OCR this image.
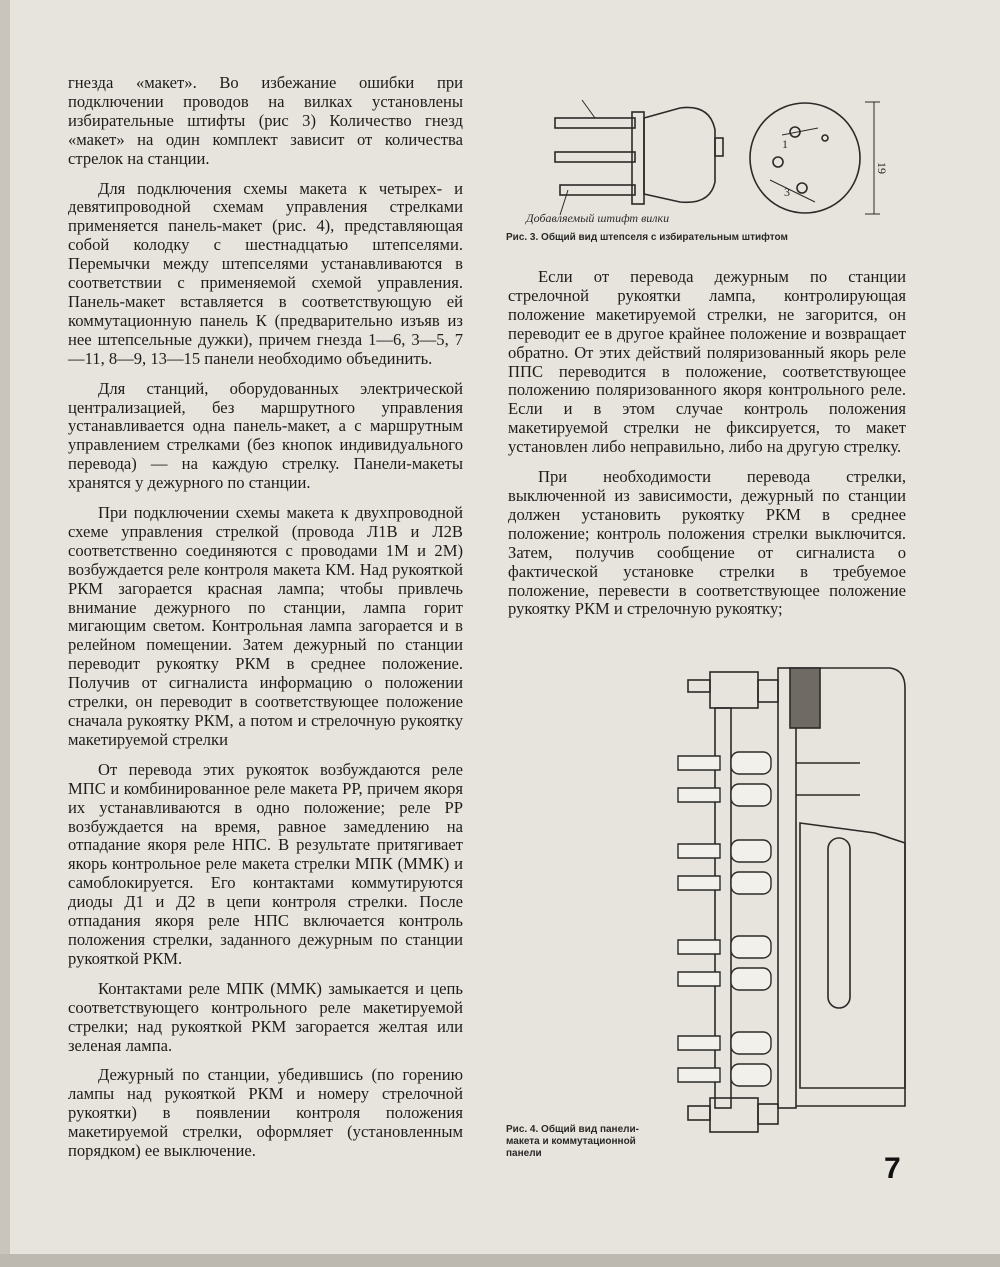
гнезда «макет». Во избежание ошибки при подключении проводов на вилках установлены избирательные штифты (рис 3) Количество гнезд «макет» на один комплект зависит от количества стрелок на станции.

Для подключения схемы макета к четырех- и девятипроводной схемам управления стрелками применяется панель-макет (рис. 4), представляющая собой колодку с шестнадцатью штепселями. Перемычки между штепселями устанавливаются в соответствии с применяемой схемой управления. Панель-макет вставляется в соответствующую ей коммутационную панель К (предварительно изъяв из нее штепсельные дужки), причем гнезда 1—6, 3—5, 7—11, 8—9, 13—15 панели необходимо объединить.

Для станций, оборудованных электрической централизацией, без маршрутного управления устанавливается одна панель-макет, а с маршрутным управлением стрелками (без кнопок индивидуального перевода) — на каждую стрелку. Панели-макеты хранятся у дежурного по станции.

При подключении схемы макета к двухпроводной схеме управления стрелкой (провода Л1В и Л2В соответственно соединяются с проводами 1М и 2М) возбуждается реле контроля макета КМ. Над рукояткой РКМ загорается красная лампа; чтобы привлечь внимание дежурного по станции, лампа горит мигающим светом. Контрольная лампа загорается и в релейном помещении. Затем дежурный по станции переводит рукоятку РКМ в среднее положение. Получив от сигналиста информацию о положении стрелки, он переводит в соответствующее положение сначала рукоятку РКМ, а потом и стрелочную рукоятку макетируемой стрелки

От перевода этих рукояток возбуждаются реле МПС и комбинированное реле макета РР, причем якоря их устанавливаются в одно положение; реле РР возбуждается на время, равное замедлению на отпадание якоря реле НПС. В результате притягивает якорь контрольное реле макета стрелки МПК (ММК) и самоблокируется. Его контактами коммутируются диоды Д1 и Д2 в цепи контроля стрелки. После отпадания якоря реле НПС включается контроль положения стрелки, заданного дежурным по станции рукояткой РКМ.

Контактами реле МПК (ММК) замыкается и цепь соответствующего контрольного реле макетируемой стрелки; над рукояткой РКМ загорается желтая или зеленая лампа.

Дежурный по станции, убедившись (по горению лампы над рукояткой РКМ и номеру стрелочной рукоятки) в появлении контроля положения макетируемой стрелки, оформляет (установленным порядком) ее выключение.

Добавляемый штифт вилки
19
1
3
Рис. 3. Общий вид штепселя с избирательным штифтом

Если от перевода дежурным по станции стрелочной рукоятки лампа, контролирующая положение макетируемой стрелки, не загорится, он переводит ее в другое крайнее положение и возвращает обратно. От этих действий поляризованный якорь реле ППС переводится в положение, соответствующее положению поляризованного якоря контрольного реле. Если и в этом случае контроль положения макетируемой стрелки не фиксируется, то макет установлен либо неправильно, либо на другую стрелку.

При необходимости перевода стрелки, выключенной из зависимости, дежурный по станции должен установить рукоятку РКМ в среднее положение; контроль положения стрелки выключится. Затем, получив сообщение от сигналиста о фактической установке стрелки в требуемое положение, перевести в соответствующее положение рукоятку РКМ и стрелочную рукоятку;

Рис. 4. Общий вид панели-макета и коммутационной панели	7
